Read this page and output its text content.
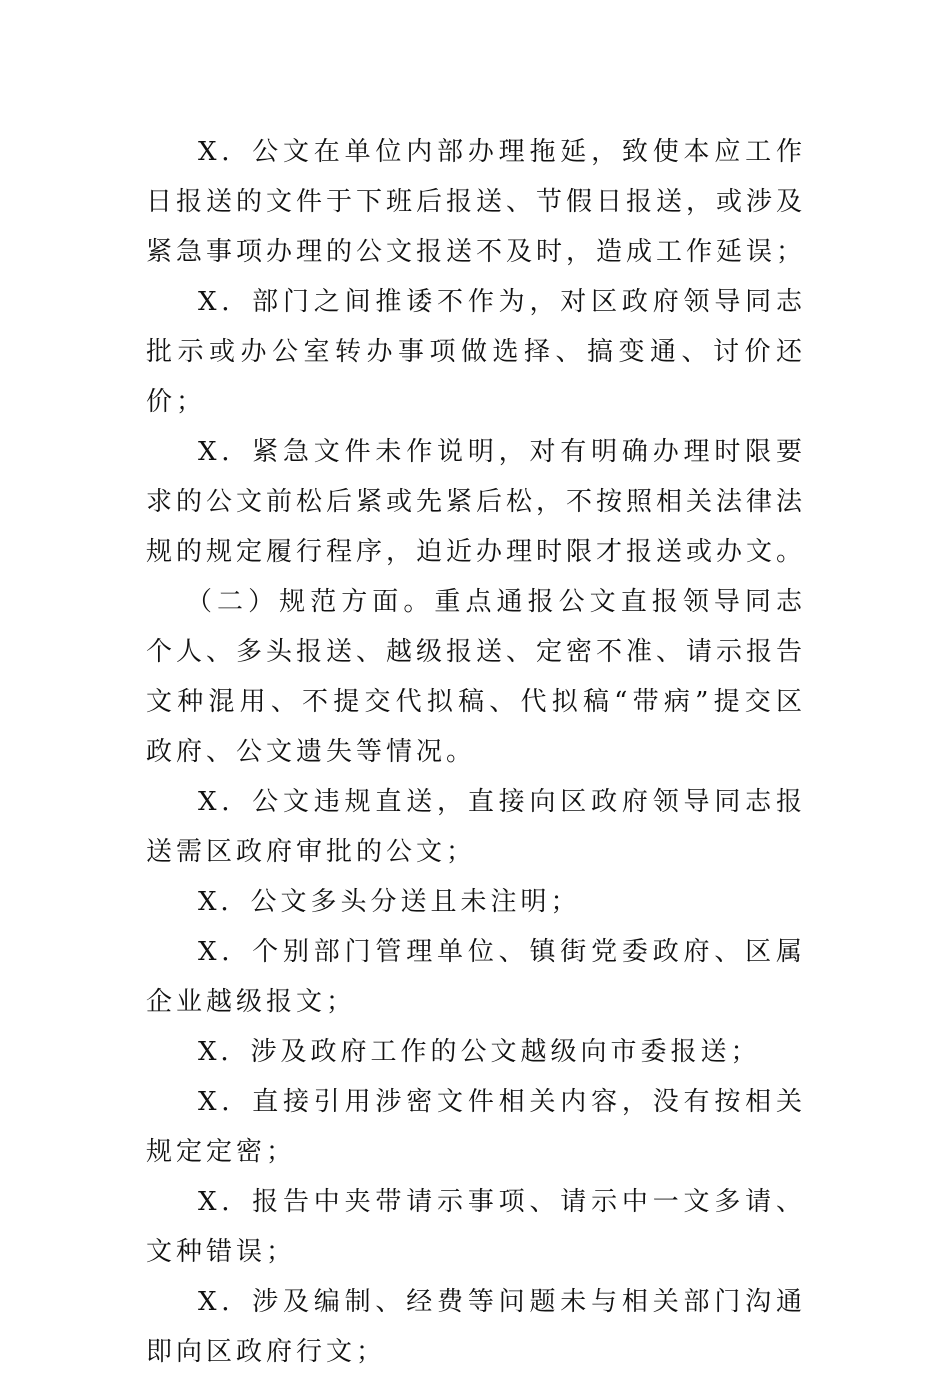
X．公文在单位内部办理拖延，致使本应工作日报送的文件于下班后报送、节假日报送，或涉及紧急事项办理的公文报送不及时，造成工作延误；

X．部门之间推诿不作为，对区政府领导同志批示或办公室转办事项做选择、搞变通、讨价还价；

X．紧急文件未作说明，对有明确办理时限要求的公文前松后紧或先紧后松，不按照相关法律法规的规定履行程序，迫近办理时限才报送或办文。

（二）规范方面。重点通报公文直报领导同志个人、多头报送、越级报送、定密不准、请示报告文种混用、不提交代拟稿、代拟稿“带病”提交区政府、公文遗失等情况。

X．公文违规直送，直接向区政府领导同志报送需区政府审批的公文；

X．公文多头分送且未注明；

X．个别部门管理单位、镇街党委政府、区属企业越级报文；

X．涉及政府工作的公文越级向市委报送；

X．直接引用涉密文件相关内容，没有按相关规定定密；

X．报告中夹带请示事项、请示中一文多请、文种错误；

X．涉及编制、经费等问题未与相关部门沟通即向区政府行文；
